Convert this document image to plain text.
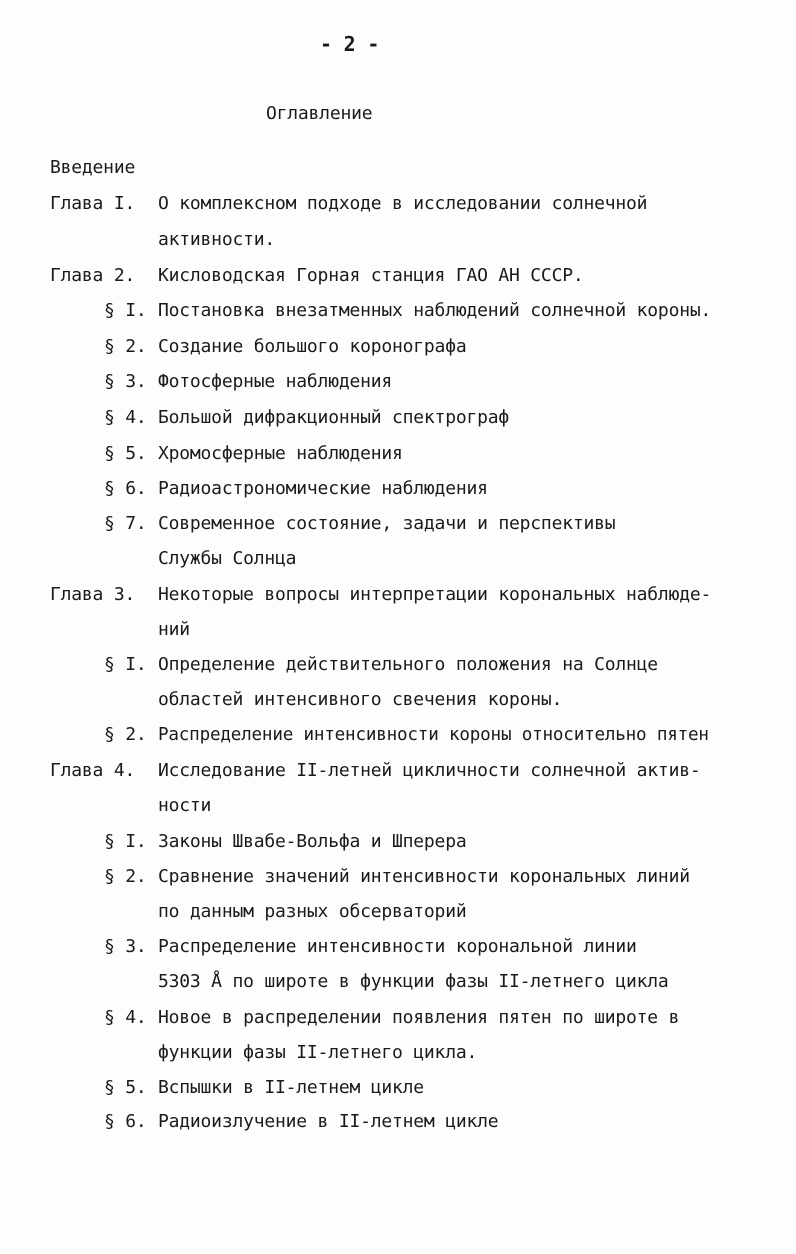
- 2 -
Оглавление
Введение
Глава I. О комплексном подходе в исследовании солнечной
активности.
Глава 2. Кисловодская Горная станция ГАО АН СССР.
§ I. Постановка внезатменных наблюдений солнечной короны.
§ 2. Создание большого коронографа
§ 3. Фотосферные наблюдения
§ 4. Большой дифракционный спектрограф
§ 5. Хромосферные наблюдения
§ 6. Радиоастрономические наблюдения
§ 7. Современное состояние, задачи и перспективы
Службы Солнца
Глава 3. Некоторые вопросы интерпретации корональных наблюде-
ний
§ I. Определение действительного положения на Солнце
областей интенсивного свечения короны.
§ 2. Распределение интенсивности короны относительно пятен
Глава 4. Исследование II-летней цикличности солнечной актив-
ности
§ I. Законы Швабе-Вольфа и Шперера
§ 2. Сравнение значений интенсивности корональных линий
по данным разных обсерваторий
§ 3. Распределение интенсивности корональной линии
5303 Å по широте в функции фазы II-летнего цикла
§ 4. Новое в распределении появления пятен по широте в
функции фазы II-летнего цикла.
§ 5. Вспышки в II-летнем цикле
§ 6. Радиоизлучение в II-летнем цикле
